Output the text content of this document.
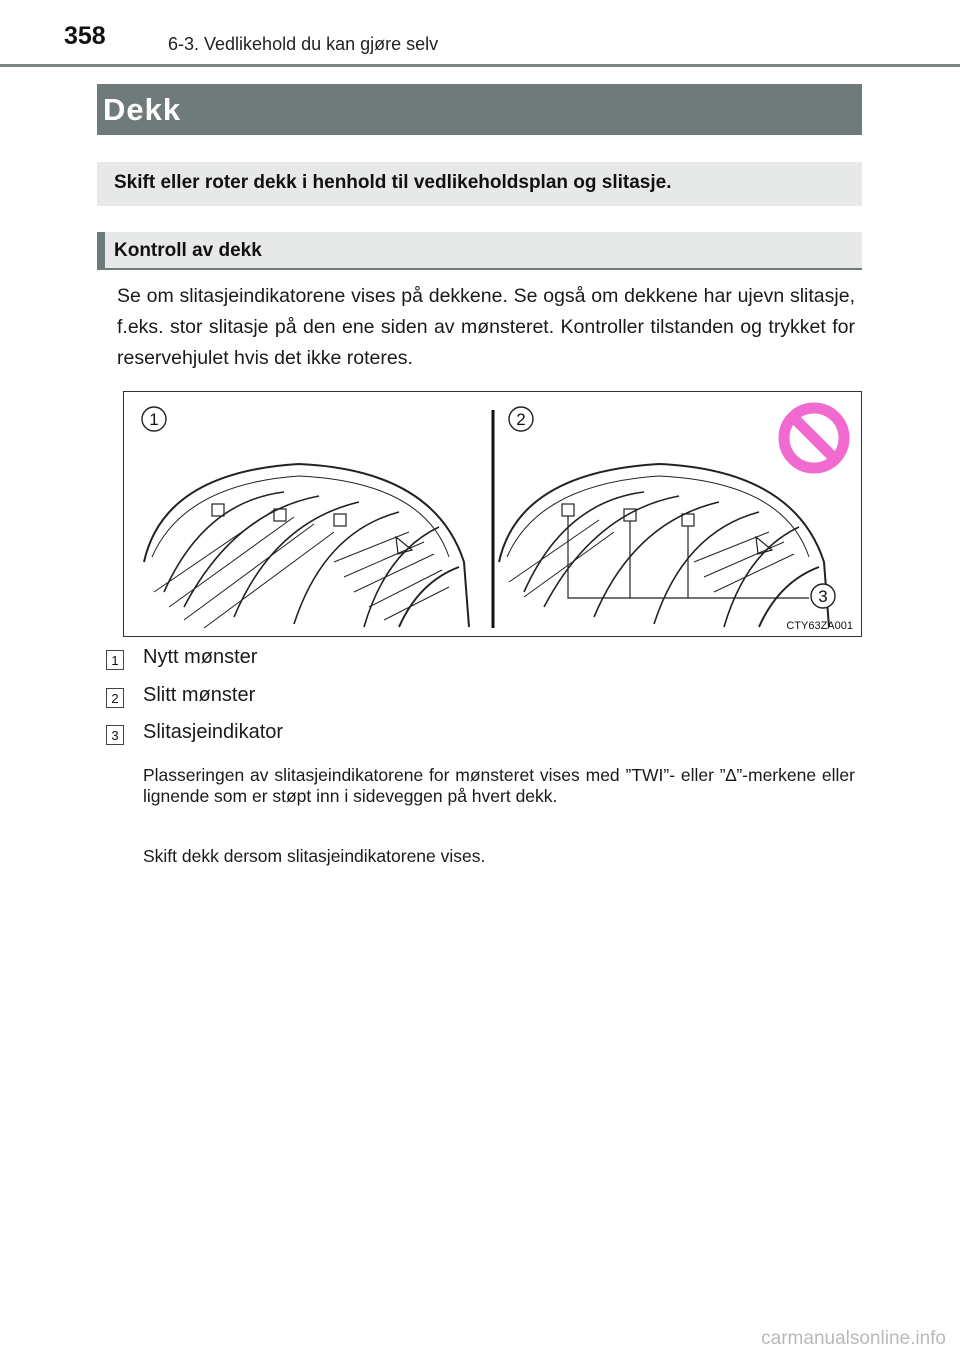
358	6-3. Vedlikehold du kan gjøre selv
Dekk
Skift eller roter dekk i henhold til vedlikeholdsplan og slitasje.
Kontroll av dekk

Se om slitasjeindikatorene vises på dekkene. Se også om dekkene har ujevn slitasje, f.eks. stor slitasje på den ene siden av mønsteret. Kontroller tilstanden og trykket for reservehjulet hvis det ikke roteres.

1	2
3
CTY63ZA001
1 Nytt mønster
2 Slitt mønster
3 Slitasjeindikator

Plasseringen av slitasjeindikatorene for mønsteret vises med ”TWI”- eller ”∆”-merkene eller lignende som er støpt inn i sideveggen på hvert dekk.

Skift dekk dersom slitasjeindikatorene vises.

carmanualsonline.info
